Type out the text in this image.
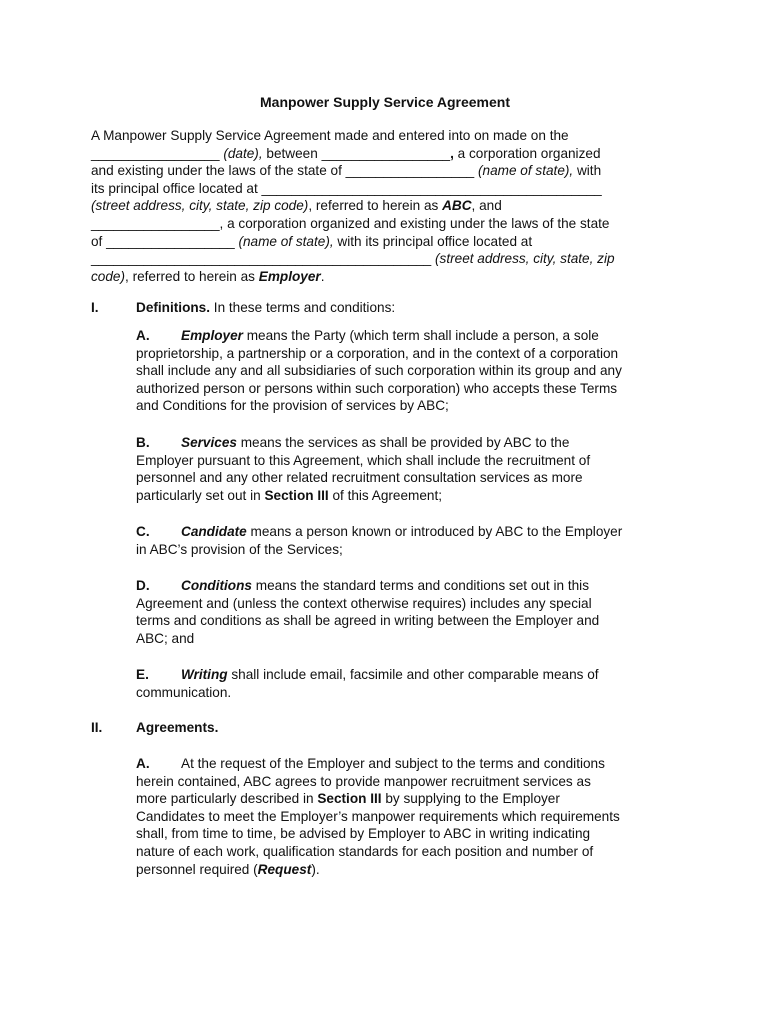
Manpower Supply Service Agreement
A Manpower Supply Service Agreement made and entered into on made on the
_________________ (date), between _________________, a corporation organized
and existing under the laws of the state of _________________ (name of state), with
its principal office located at _____________________________________________
(street address, city, state, zip code), referred to herein as ABC, and
_________________, a corporation organized and existing under the laws of the state
of _________________ (name of state), with its principal office located at
_____________________________________________ (street address, city, state, zip
code), referred to herein as Employer.
I.	Definitions. In these terms and conditions:
A. Employer means the Party (which term shall include a person, a sole
proprietorship, a partnership or a corporation, and in the context of a corporation
shall include any and all subsidiaries of such corporation within its group and any
authorized person or persons within such corporation) who accepts these Terms
and Conditions for the provision of services by ABC;
B. Services means the services as shall be provided by ABC to the
Employer pursuant to this Agreement, which shall include the recruitment of
personnel and any other related recruitment consultation services as more
particularly set out in Section III of this Agreement;
C. Candidate means a person known or introduced by ABC to the Employer
in ABC’s provision of the Services;
D. Conditions means the standard terms and conditions set out in this
Agreement and (unless the context otherwise requires) includes any special
terms and conditions as shall be agreed in writing between the Employer and
ABC; and
E. Writing shall include email, facsimile and other comparable means of
communication.
II. Agreements.
A. At the request of the Employer and subject to the terms and conditions
herein contained, ABC agrees to provide manpower recruitment services as
more particularly described in Section III by supplying to the Employer
Candidates to meet the Employer’s manpower requirements which requirements
shall, from time to time, be advised by Employer to ABC in writing indicating
nature of each work, qualification standards for each position and number of
personnel required (Request).
